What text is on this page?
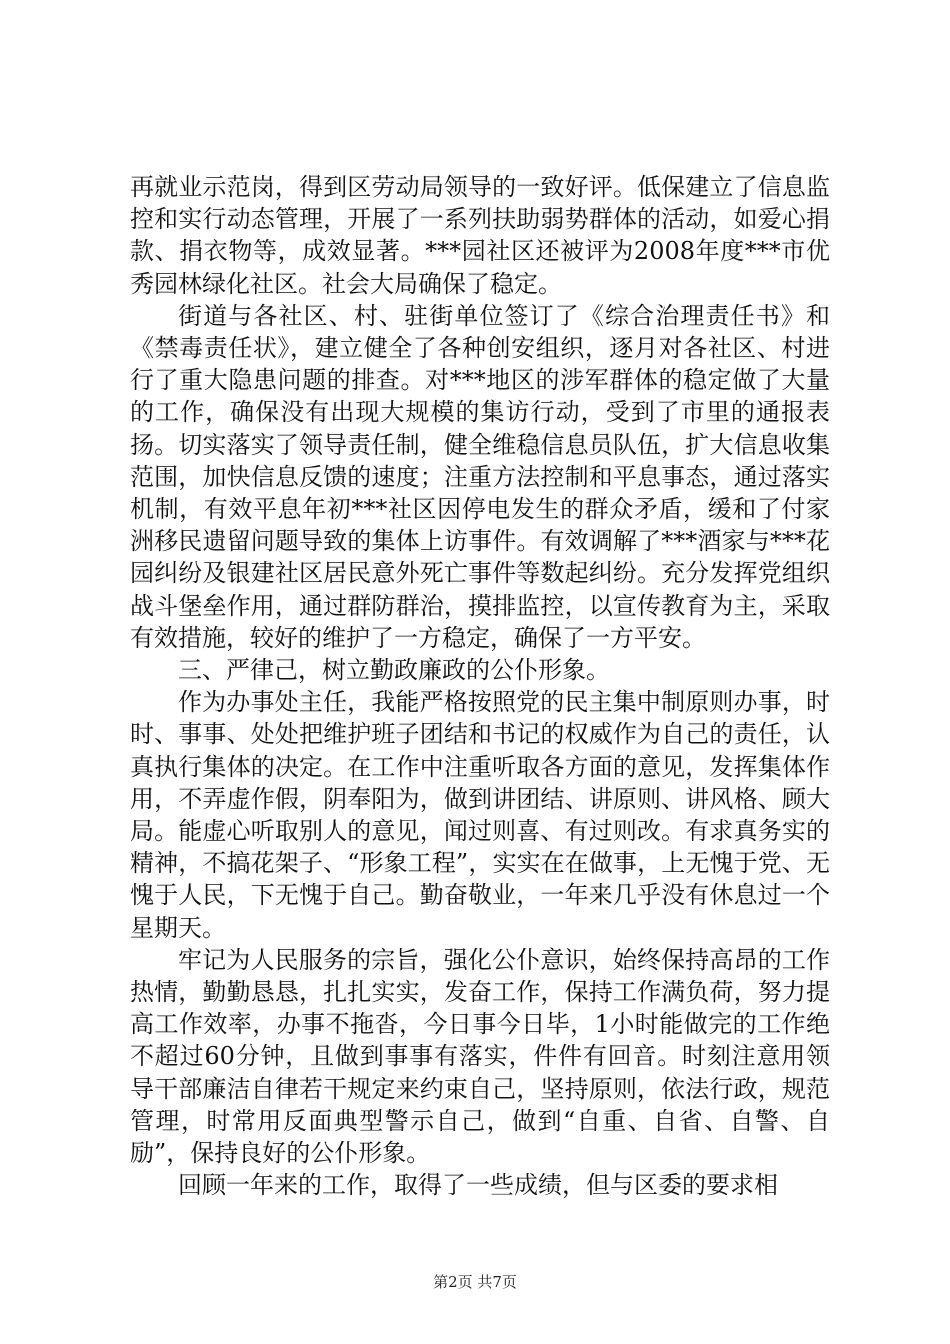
再就业示范岗，得到区劳动局领导的一致好评。低保建立了信息监控和实行动态管理，开展了一系列扶助弱势群体的活动，如爱心捐款、捐衣物等，成效显著。***园社区还被评为2008年度***市优秀园林绿化社区。社会大局确保了稳定。

街道与各社区、村、驻街单位签订了《综合治理责任书》和《禁毒责任状》，建立健全了各种创安组织，逐月对各社区、村进行了重大隐患问题的排查。对***地区的涉军群体的稳定做了大量的工作，确保没有出现大规模的集访行动，受到了市里的通报表扬。切实落实了领导责任制，健全维稳信息员队伍，扩大信息收集范围，加快信息反馈的速度；注重方法控制和平息事态，通过落实机制，有效平息年初***社区因停电发生的群众矛盾，缓和了付家洲移民遗留问题导致的集体上访事件。有效调解了***酒家与***花园纠纷及银建社区居民意外死亡事件等数起纠纷。充分发挥党组织战斗堡垒作用，通过群防群治，摸排监控，以宣传教育为主，采取有效措施，较好的维护了一方稳定，确保了一方平安。

三、严律己，树立勤政廉政的公仆形象。

作为办事处主任，我能严格按照党的民主集中制原则办事，时时、事事、处处把维护班子团结和书记的权威作为自己的责任，认真执行集体的决定。在工作中注重听取各方面的意见，发挥集体作用，不弄虚作假，阴奉阳为，做到讲团结、讲原则、讲风格、顾大局。能虚心听取别人的意见，闻过则喜、有过则改。有求真务实的精神，不搞花架子、“形象工程”，实实在在做事，上无愧于党、无愧于人民，下无愧于自己。勤奋敬业，一年来几乎没有休息过一个星期天。

牢记为人民服务的宗旨，强化公仆意识，始终保持高昂的工作热情，勤勤恳恳，扎扎实实，发奋工作，保持工作满负荷，努力提高工作效率，办事不拖沓，今日事今日毕，1小时能做完的工作绝不超过60分钟，且做到事事有落实，件件有回音。时刻注意用领导干部廉洁自律若干规定来约束自己，坚持原则，依法行政，规范管理，时常用反面典型警示自己，做到“自重、自省、自警、自励”，保持良好的公仆形象。

回顾一年来的工作，取得了一些成绩，但与区委的要求相

第2页 共7页
